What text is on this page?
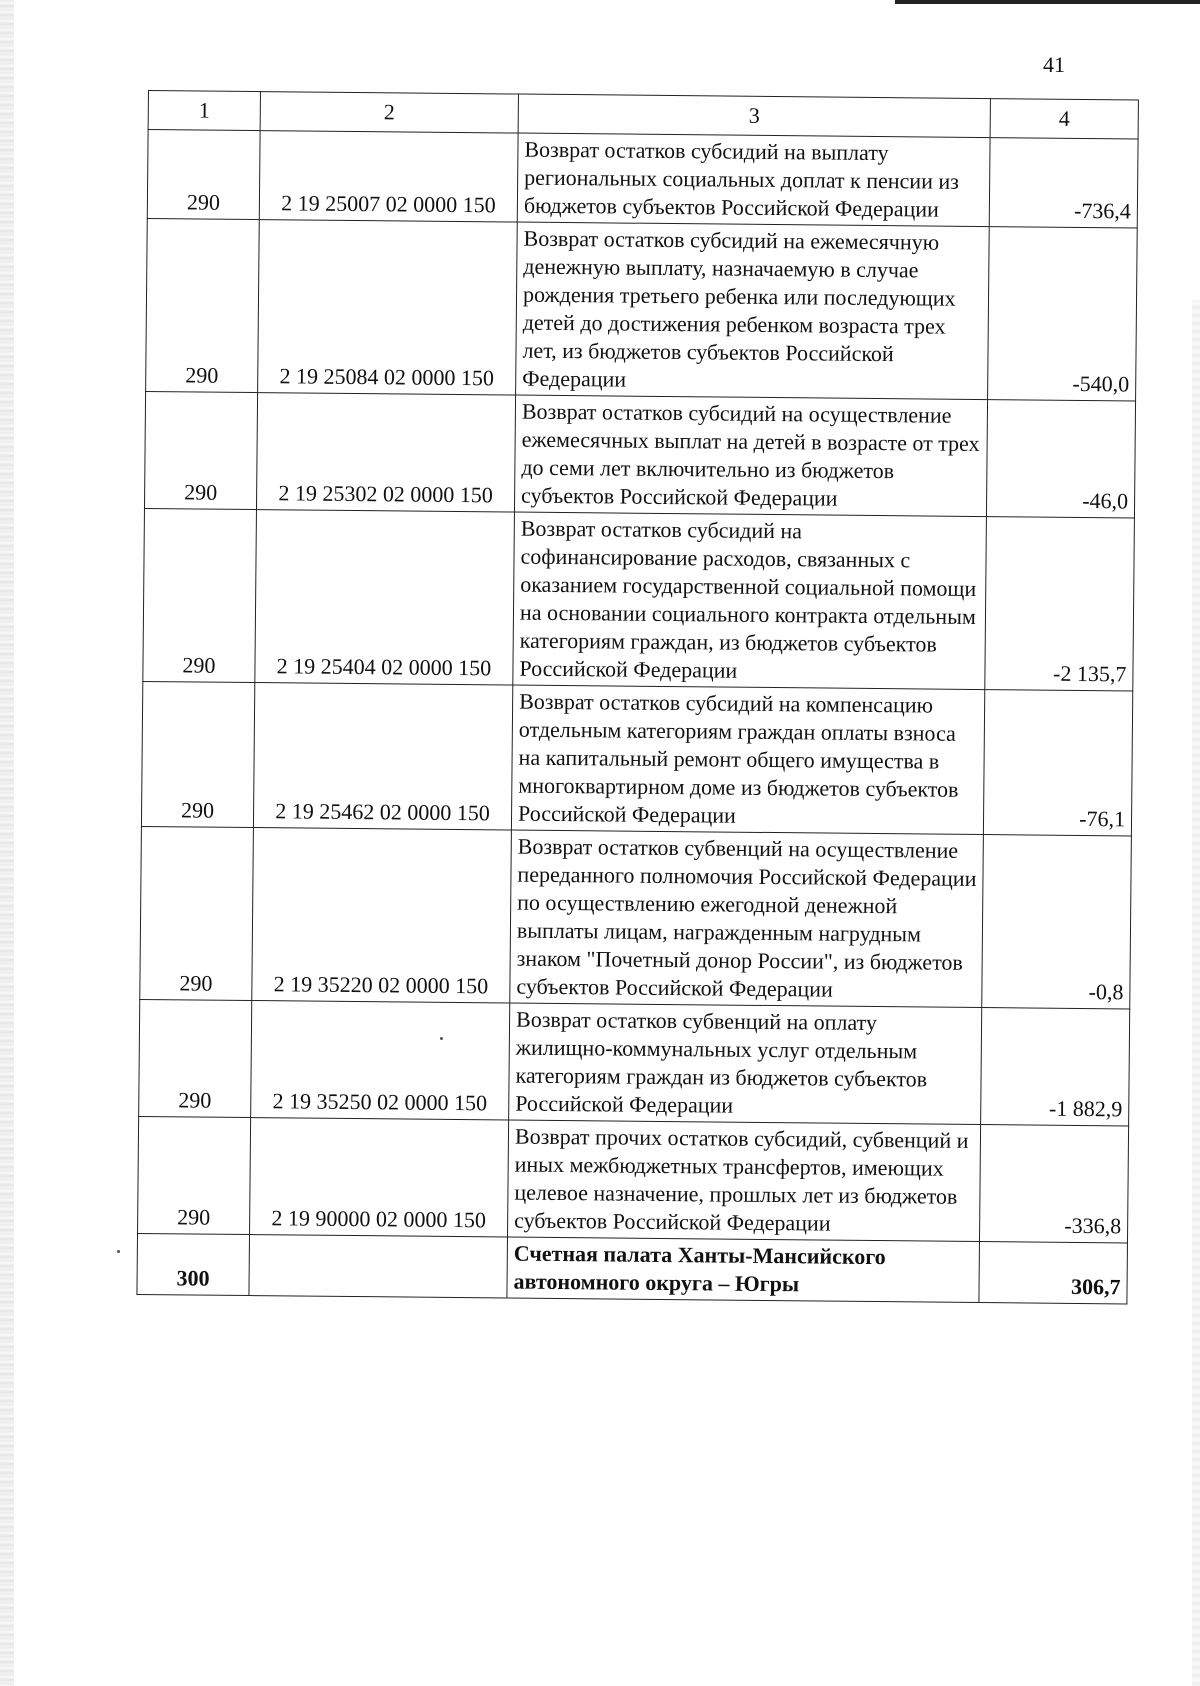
41
1	2	3	4
290	2 19 25007 02 0000 150	Возврат остатков субсидий на выплату региональных социальных доплат к пенсии из бюджетов субъектов Российской Федерации	-736,4
290	2 19 25084 02 0000 150	Возврат остатков субсидий на ежемесячную денежную выплату, назначаемую в случае рождения третьего ребенка или последующих детей до достижения ребенком возраста трех лет, из бюджетов субъектов Российской Федерации	-540,0
290	2 19 25302 02 0000 150	Возврат остатков субсидий на осуществление ежемесячных выплат на детей в возрасте от трех до семи лет включительно из бюджетов субъектов Российской Федерации	-46,0
290	2 19 25404 02 0000 150	Возврат остатков субсидий на софинансирование расходов, связанных с оказанием государственной социальной помощи на основании социального контракта отдельным категориям граждан, из бюджетов субъектов Российской Федерации	-2 135,7
290	2 19 25462 02 0000 150	Возврат остатков субсидий на компенсацию отдельным категориям граждан оплаты взноса на капитальный ремонт общего имущества в многоквартирном доме из бюджетов субъектов Российской Федерации	-76,1
290	2 19 35220 02 0000 150	Возврат остатков субвенций на осуществление переданного полномочия Российской Федерации по осуществлению ежегодной денежной выплаты лицам, награжденным нагрудным знаком "Почетный донор России", из бюджетов субъектов Российской Федерации	-0,8
290	2 19 35250 02 0000 150	Возврат остатков субвенций на оплату жилищно-коммунальных услуг отдельным категориям граждан из бюджетов субъектов Российской Федерации	-1 882,9
290	2 19 90000 02 0000 150	Возврат прочих остатков субсидий, субвенций и иных межбюджетных трансфертов, имеющих целевое назначение, прошлых лет из бюджетов субъектов Российской Федерации	-336,8
300		Счетная палата Ханты-Мансийского автономного округа – Югры	306,7
